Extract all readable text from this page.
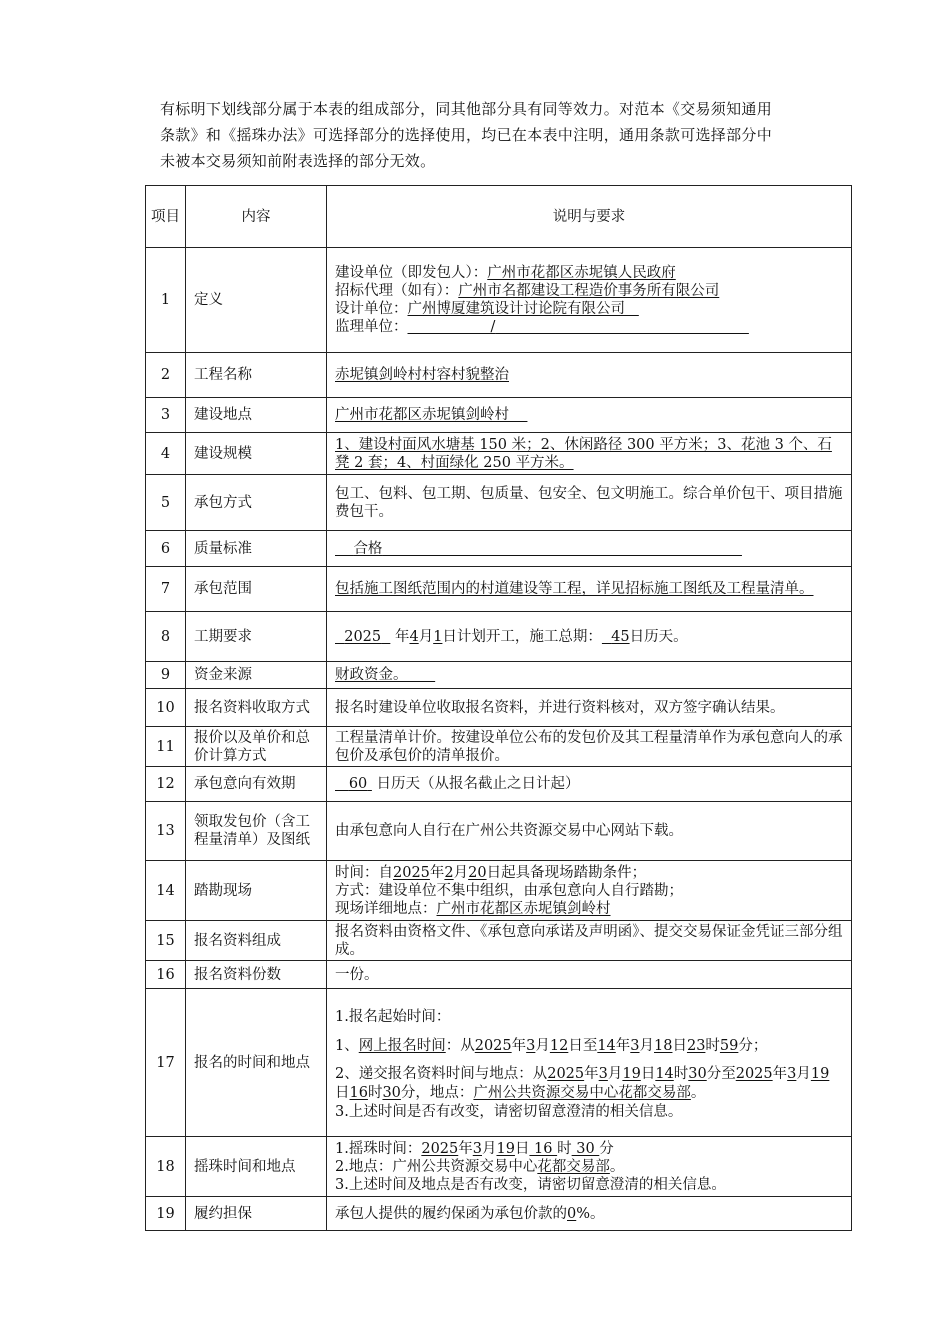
有标明下划线部分属于本表的组成部分，同其他部分具有同等效力。对范本《交易须知通用

条款》和《摇珠办法》可选择部分的选择使用，均已在本表中注明，通用条款可选择部分中

未被本交易须知前附表选择的部分无效。

项目	内容	说明与要求
1	定义	建设单位（即发包人）：广州市花都区赤坭镇人民政府
招标代理（如有）：广州市名都建设工程造价事务所有限公司
设计单位：广州博厦建筑设计讨论院有限公司
监理单位： /

2	工程名称	赤坭镇剑岭村村容村貌整治
3	建设地点	广州市花都区赤坭镇剑岭村
4	建设规模	1、建设村面风水塘基 150 米；2、休闲路径 300 平方米；3、花池 3 个、石凳 2 套；4、村面绿化 250 平方米。
5	承包方式	包工、包料、包工期、包质量、包安全、包文明施工。综合单价包干、项目措施费包干。
6	质量标准	合格
7	承包范围	包括施工图纸范围内的村道建设等工程，详见招标施工图纸及工程量清单。
8	工期要求	2025   年4月1日计划开工，施工总期： 45日历天。
9	资金来源	财政资金。
10	报名资料收取方式	报名时建设单位收取报名资料，并进行资料核对，双方签字确认结果。
11	报价以及单价和总价计算方式	工程量清单计价。按建设单位公布的发包价及其工程量清单作为承包意向人的承包价及承包价的清单报价。
12	承包意向有效期	60  日历天（从报名截止之日计起）
13	领取发包价（含工程量清单）及图纸	由承包意向人自行在广州公共资源交易中心网站下载。
14	踏勘现场	时间：自2025年2月20日起具备现场踏勘条件；
方式：建设单位不集中组织，由承包意向人自行踏勘；
现场详细地点：广州市花都区赤坭镇剑岭村

15	报名资料组成	报名资料由资格文件、《承包意向承诺及声明函》、提交交易保证金凭证三部分组成。
16	报名资料份数	一份。
17	报名的时间和地点	1.报名起始时间：
1、网上报名时间：从2025年3月12日至14年3月18日23时59分；
2、递交报名资料时间与地点：从2025年3月19日14时30分至2025年3月19日16时30分，地点：广州公共资源交易中心花都交易部。
3.上述时间是否有改变，请密切留意澄清的相关信息。

18	摇珠时间和地点	1.摇珠时间：2025年3月19日 16 时 30 分
2.地点：广州公共资源交易中心花都交易部。
3.上述时间及地点是否有改变，请密切留意澄清的相关信息。

19	履约担保	承包人提供的履约保函为承包价款的0%。
